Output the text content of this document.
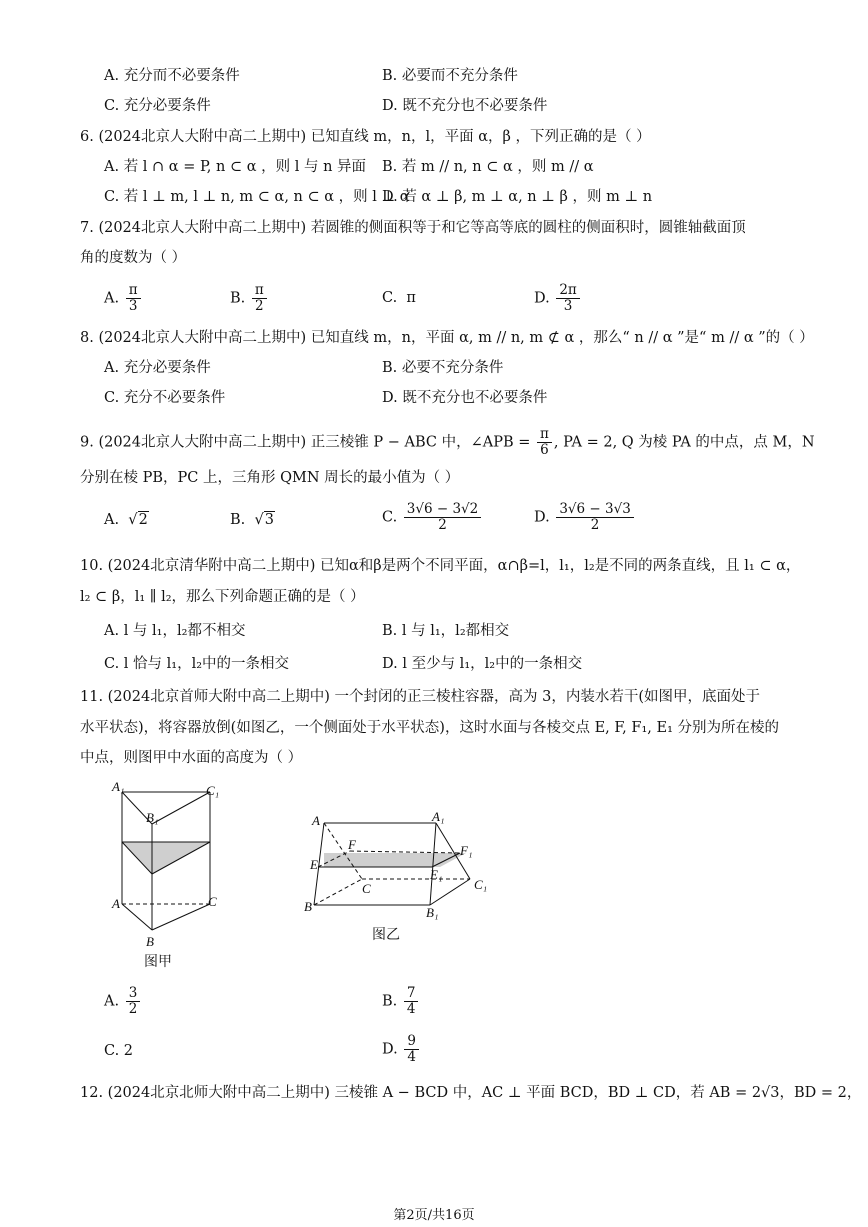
A. 充分而不必要条件	B. 必要而不充分条件
C. 充分必要条件	D. 既不充分也不必要条件
6. (2024北京人大附中高二上期中) 已知直线 m，n，l，平面 α，β ，下列正确的是（ ）
A. 若 l ∩ α = P, n ⊂ α ，则 l 与 n 异面 B. 若 m // n, n ⊂ α ，则 m // α
C. 若 l ⊥ m, l ⊥ n, m ⊂ α, n ⊂ α ，则 l ⊥ α
D. 若 α ⊥ β, m ⊥ α, n ⊥ β ，则 m ⊥ n
7. (2024北京人大附中高二上期中) 若圆锥的侧面积等于和它等高等底的圆柱的侧面积时，圆锥轴截面顶
角的度数为（ ）
A. $\frac{\pi}{3}$	B. $\frac{\pi}{2}$	C. π	D. $\frac{2\pi}{3}$
8. (2024北京人大附中高二上期中) 已知直线 m，n，平面 α, m // n, m ⊄ α ，那么“ n // α ”是“ m // α ”的（ ）
A. 充分必要条件	B. 必要不充分条件
C. 充分不必要条件	D. 既不充分也不必要条件
9. (2024北京人大附中高二上期中) 正三棱锥 P − ABC 中，∠APB = $\frac{\pi}{6}$ , PA = 2, Q 为棱 PA 的中点，点 M，N
分别在棱 PB，PC 上，三角形 QMN 周长的最小值为（ ）
A.  √2	B.  √3	C. $\frac{3√6 - 3√2}{2}$	D. $\frac{3√6 - 3√3}{2}$
10. (2024北京清华附中高二上期中) 已知α和β是两个不同平面，α∩β=l，l₁，l₂是不同的两条直线，且 l₁ ⊂ α，
l₂ ⊂ β，l₁ ∥ l₂，那么下列命题正确的是（ ）
A. l 与 l₁，l₂都不相交	B. l 与 l₁，l₂都相交
C. l 恰与 l₁，l₂中的一条相交	D. l 至少与 l₁，l₂中的一条相交
11. (2024北京首师大附中高二上期中) 一个封闭的正三棱柱容器，高为 3，内装水若干(如图甲，底面处于
水平状态)，将容器放倒(如图乙，一个侧面处于水平状态)，这时水面与各棱交点 E, F, F₁, E₁ 分别为所在棱的
中点，则图甲中水面的高度为（ ）
A₁	C₁
B₁
A	C
B
图甲
A	A₁
F	F₁
E
E₁
C	C₁
B	B₁
图乙
A. $\frac{3}{2}$	B. $\frac{7}{4}$
C. 2	D. $\frac{9}{4}$
12. (2024北京北师大附中高二上期中) 三棱锥 A − BCD 中，AC ⊥ 平面 BCD，BD ⊥ CD，若 AB = 2√3，BD = 2，
第2页/共16页
